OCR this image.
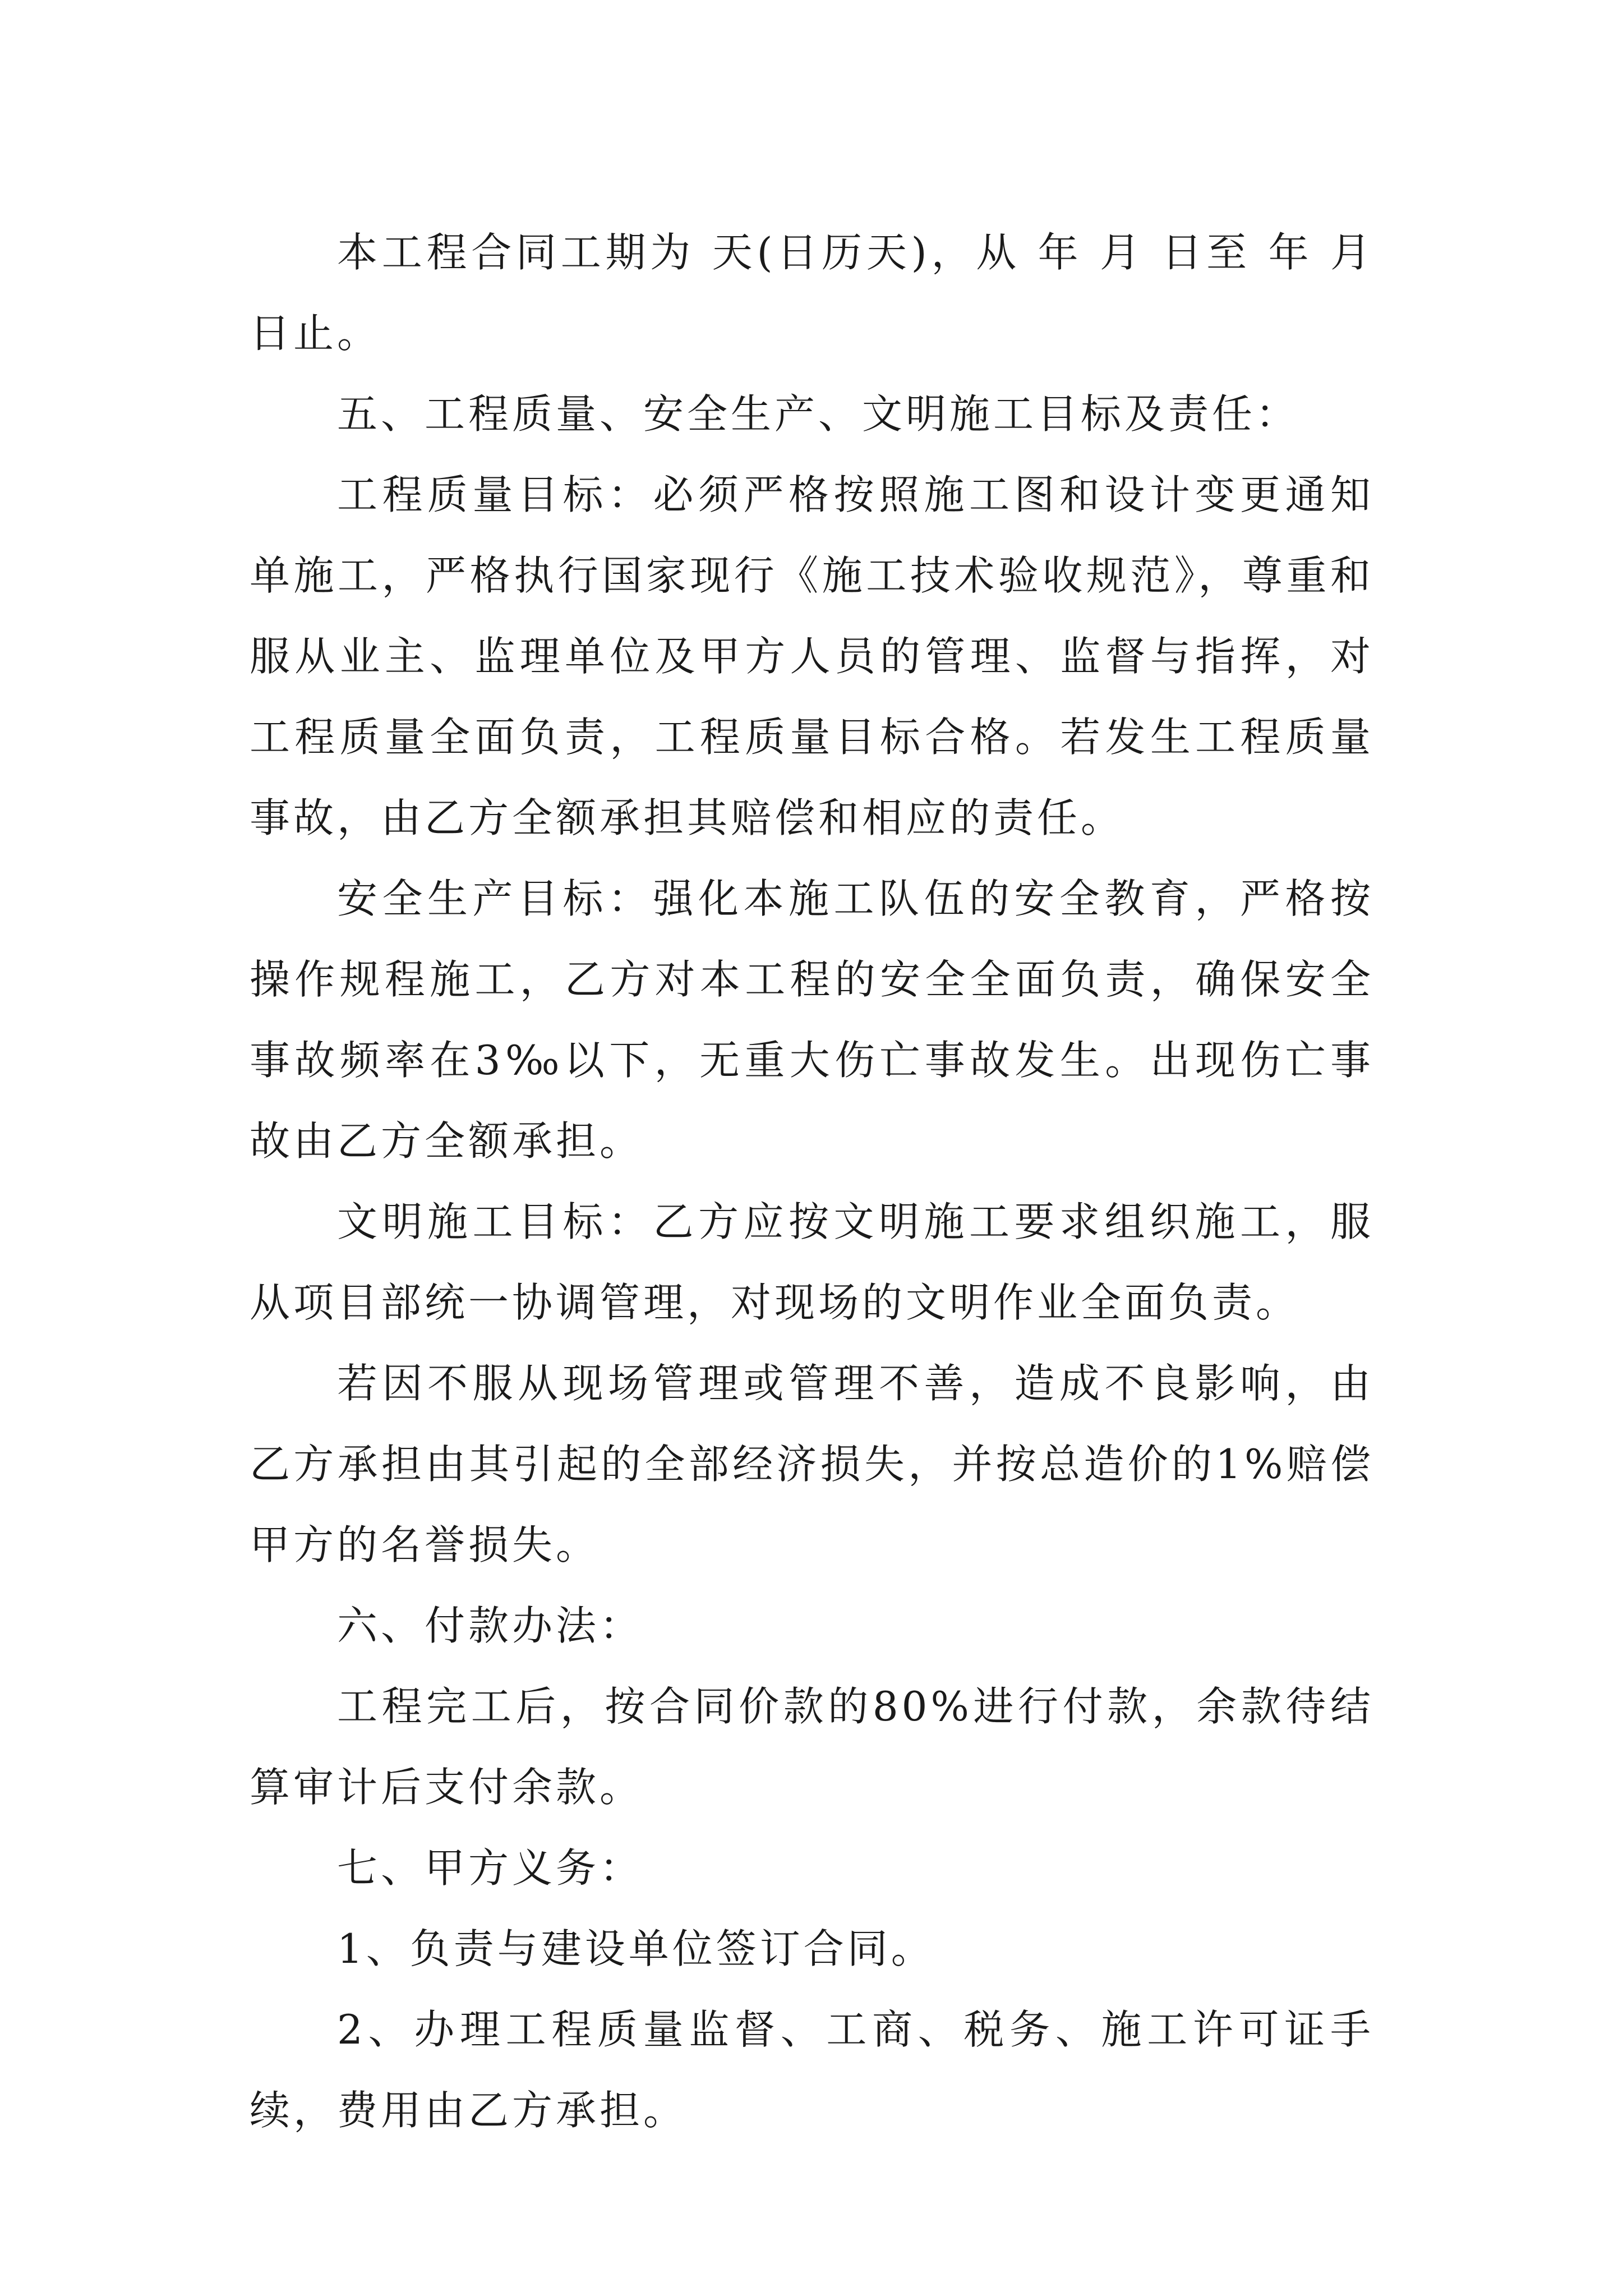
本工程合同工期为 天(日历天)，从 年 月 日至 年 月日止。

五、工程质量、安全生产、文明施工目标及责任：

工程质量目标：必须严格按照施工图和设计变更通知单施工，严格执行国家现行《施工技术验收规范》，尊重和服从业主、监理单位及甲方人员的管理、监督与指挥，对工程质量全面负责，工程质量目标合格。若发生工程质量事故，由乙方全额承担其赔偿和相应的责任。

安全生产目标：强化本施工队伍的安全教育，严格按操作规程施工，乙方对本工程的安全全面负责，确保安全事故频率在3‰以下，无重大伤亡事故发生。出现伤亡事故由乙方全额承担。

文明施工目标：乙方应按文明施工要求组织施工，服从项目部统一协调管理，对现场的文明作业全面负责。

若因不服从现场管理或管理不善，造成不良影响，由乙方承担由其引起的全部经济损失，并按总造价的1%赔偿甲方的名誉损失。

六、付款办法：

工程完工后，按合同价款的80%进行付款，余款待结算审计后支付余款。

七、甲方义务：

1、负责与建设单位签订合同。

2、办理工程质量监督、工商、税务、施工许可证手续，费用由乙方承担。
